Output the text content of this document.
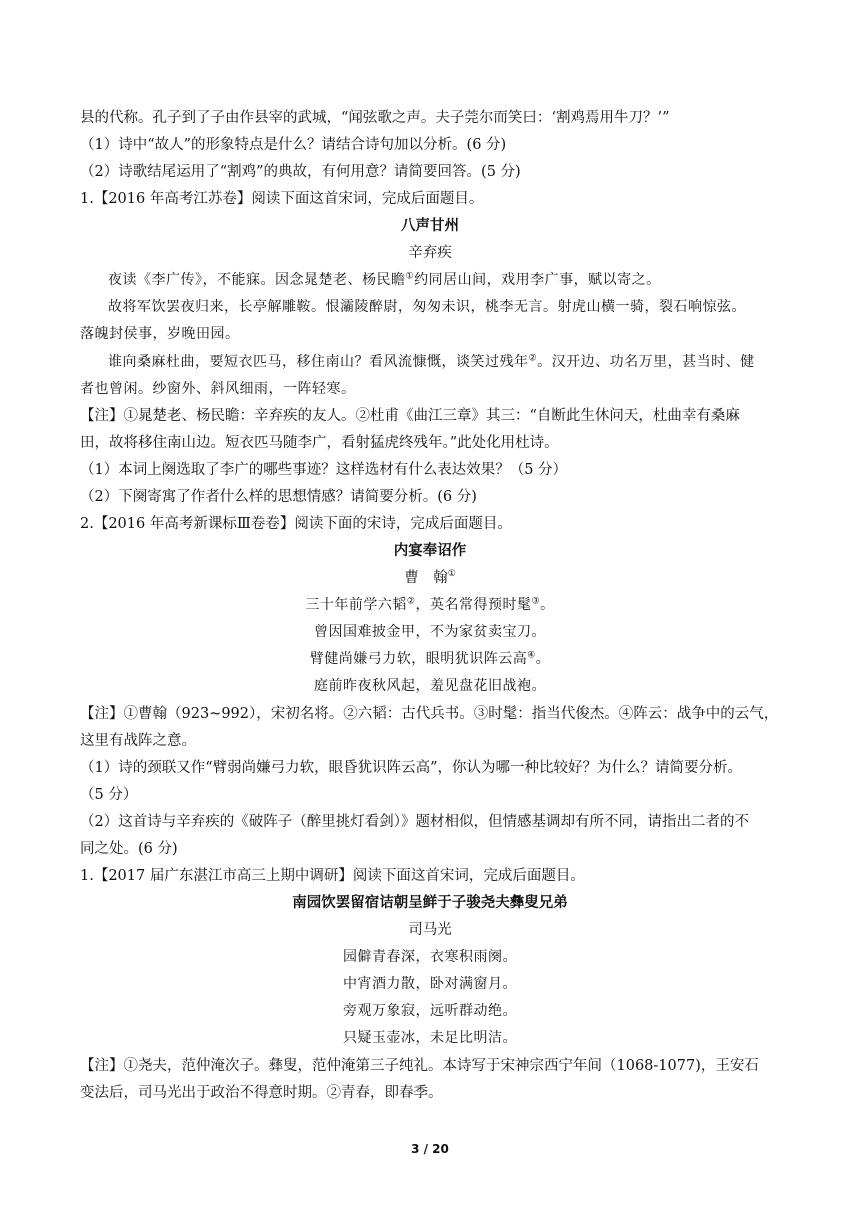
县的代称。孔子到了子由作县宰的武城，“闻弦歌之声。夫子莞尔而笑曰：‘割鸡焉用牛刀？’”
（1）诗中“故人”的形象特点是什么？请结合诗句加以分析。(6 分)
（2）诗歌结尾运用了“割鸡”的典故，有何用意？请简要回答。(5 分)
1.【2016 年高考江苏卷】阅读下面这首宋词，完成后面题目。
八声甘州
辛弃疾
夜读《李广传》，不能寐。因念晁楚老、杨民瞻①约同居山间，戏用李广事，赋以寄之。
故将军饮罢夜归来，长亭解雕鞍。恨灞陵醉尉，匆匆未识，桃李无言。射虎山横一骑，裂石响惊弦。
落魄封侯事，岁晚田园。
谁向桑麻杜曲，要短衣匹马，移住南山？看风流慷慨，谈笑过残年②。汉开边、功名万里，甚当时、健
者也曾闲。纱窗外、斜风细雨，一阵轻寒。
【注】①晁楚老、杨民瞻：辛弃疾的友人。②杜甫《曲江三章》其三：“自断此生休问天，杜曲幸有桑麻
田，故将移住南山边。短衣匹马随李广，看射猛虎终残年。”此处化用杜诗。
（1）本词上阕选取了李广的哪些事迹？这样选材有什么表达效果？（5 分）
（2）下阕寄寓了作者什么样的思想情感？请简要分析。(6 分)
2.【2016 年高考新课标Ⅲ卷卷】阅读下面的宋诗，完成后面题目。
内宴奉诏作
曹　翰①
三十年前学六韬②，英名常得预时髦③。
曾因国难披金甲，不为家贫卖宝刀。
臂健尚嫌弓力软，眼明犹识阵云高④。
庭前昨夜秋风起，羞见盘花旧战袍。
【注】①曹翰（923~992），宋初名将。②六韬：古代兵书。③时髦：指当代俊杰。④阵云：战争中的云气，
这里有战阵之意。
（1）诗的颈联又作“臂弱尚嫌弓力软，眼昏犹识阵云高”，你认为哪一种比较好？为什么？请简要分析。
（5 分）
（2）这首诗与辛弃疾的《破阵子（醉里挑灯看剑）》题材相似，但情感基调却有所不同，请指出二者的不
同之处。(6 分)
1.【2017 届广东湛江市高三上期中调研】阅读下面这首宋词，完成后面题目。
南园饮罢留宿诘朝呈鲜于子骏尧夫彝叟兄弟
司马光
园僻青春深，衣寒积雨阕。
中宵酒力散，卧对满窗月。
旁观万象寂，远听群动绝。
只疑玉壶冰，未足比明洁。
【注】①尧夫，范仲淹次子。彝叟，范仲淹第三子纯礼。本诗写于宋神宗西宁年间（1068-1077)，王安石
变法后，司马光出于政治不得意时期。②青春，即春季。
3 / 20
